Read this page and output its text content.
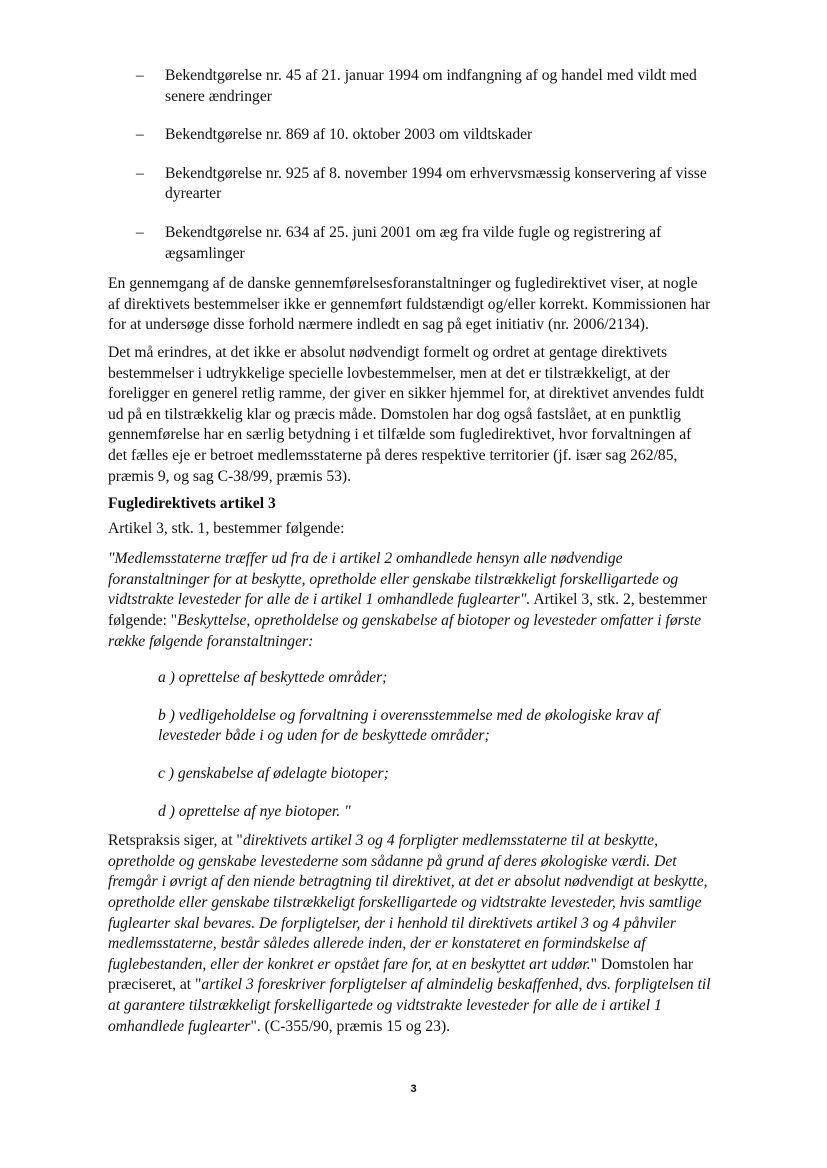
– Bekendtgørelse nr. 45 af 21. januar 1994 om indfangning af og handel med vildt med senere ændringer
– Bekendtgørelse nr. 869 af 10. oktober 2003 om vildtskader
– Bekendtgørelse nr. 925 af 8. november 1994 om erhvervsmæssig konservering af visse dyrearter
– Bekendtgørelse nr. 634 af 25. juni 2001 om æg fra vilde fugle og registrering af ægsamlinger

En gennemgang af de danske gennemførelsesforanstaltninger og fugledirektivet viser, at nogle af direktivets bestemmelser ikke er gennemført fuldstændigt og/eller korrekt. Kommissionen har for at undersøge disse forhold nærmere indledt en sag på eget initiativ (nr. 2006/2134).

Det må erindres, at det ikke er absolut nødvendigt formelt og ordret at gentage direktivets bestemmelser i udtrykkelige specielle lovbestemmelser, men at det er tilstrækkeligt, at der foreligger en generel retlig ramme, der giver en sikker hjemmel for, at direktivet anvendes fuldt ud på en tilstrækkelig klar og præcis måde. Domstolen har dog også fastslået, at en punktlig gennemførelse har en særlig betydning i et tilfælde som fugledirektivet, hvor forvaltningen af det fælles eje er betroet medlemsstaterne på deres respektive territorier (jf. især sag 262/85, præmis 9, og sag C-38/99, præmis 53).

Fugledirektivets artikel 3

Artikel 3, stk. 1, bestemmer følgende:

"Medlemsstaterne træffer ud fra de i artikel 2 omhandlede hensyn alle nødvendige foranstaltninger for at beskytte, opretholde eller genskabe tilstrækkeligt forskelligartede og vidtstrakte levesteder for alle de i artikel 1 omhandlede fuglearter". Artikel 3, stk. 2, bestemmer følgende: "Beskyttelse, opretholdelse og genskabelse af biotoper og levesteder omfatter i første række følgende foranstaltninger:

a ) oprettelse af beskyttede områder;

b ) vedligeholdelse og forvaltning i overensstemmelse med de økologiske krav af levesteder både i og uden for de beskyttede områder;

c ) genskabelse af ødelagte biotoper;

d ) oprettelse af nye biotoper. "

Retspraksis siger, at "direktivets artikel 3 og 4 forpligter medlemsstaterne til at beskytte, opretholde og genskabe levestederne som sådanne på grund af deres økologiske værdi. Det fremgår i øvrigt af den niende betragtning til direktivet, at det er absolut nødvendigt at beskytte, opretholde eller genskabe tilstrækkeligt forskelligartede og vidtstrakte levesteder, hvis samtlige fuglearter skal bevares. De forpligtelser, der i henhold til direktivets artikel 3 og 4 påhviler medlemsstaterne, består således allerede inden, der er konstateret en formindskelse af fuglebestanden, eller der konkret er opstået fare for, at en beskyttet art uddør." Domstolen har præciseret, at "artikel 3 foreskriver forpligtelser af almindelig beskaffenhed, dvs. forpligtelsen til at garantere tilstrækkeligt forskelligartede og vidtstrakte levesteder for alle de i artikel 1 omhandlede fuglearter". (C-355/90, præmis 15 og 23).

3
